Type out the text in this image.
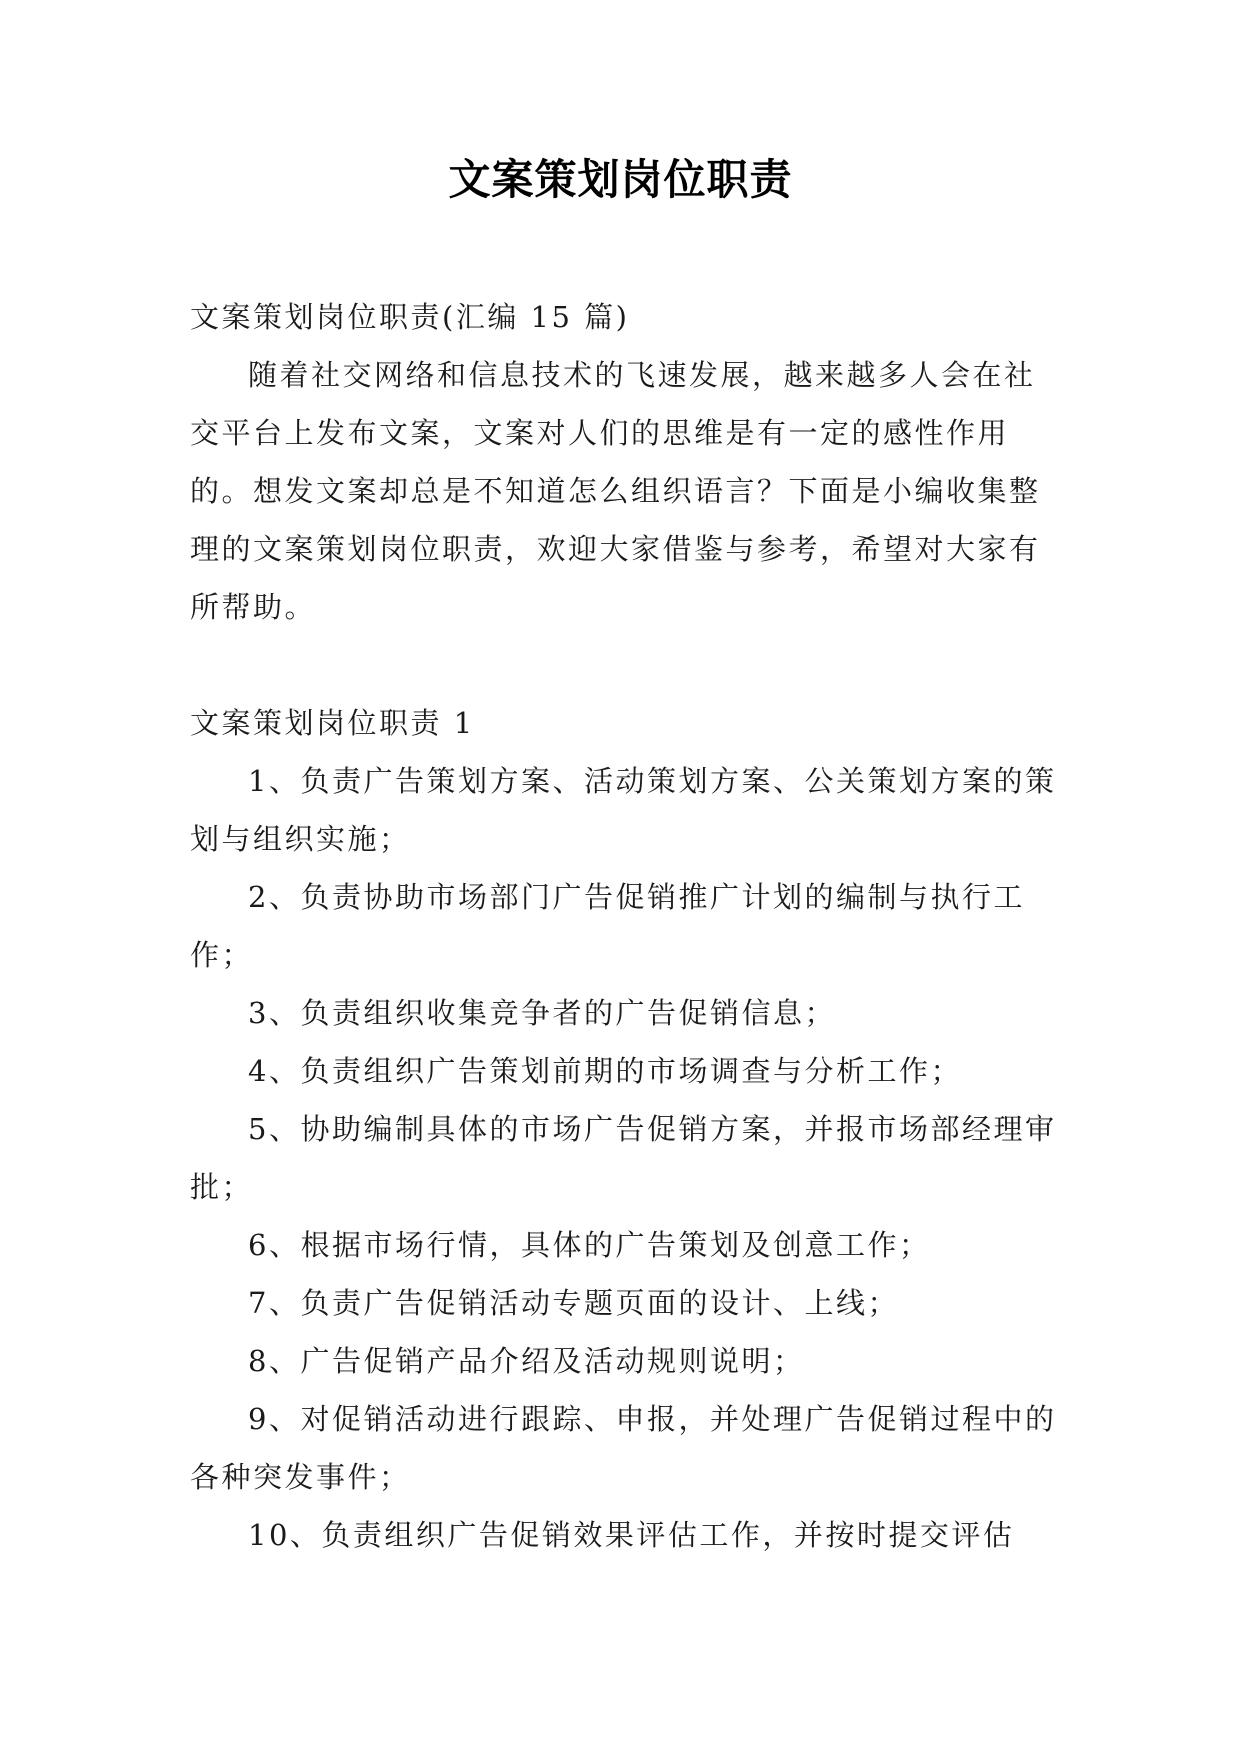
文案策划岗位职责

文案策划岗位职责(汇编 15 篇)

随着社交网络和信息技术的飞速发展，越来越多人会在社交平台上发布文案，文案对人们的思维是有一定的感性作用的。想发文案却总是不知道怎么组织语言？下面是小编收集整理的文案策划岗位职责，欢迎大家借鉴与参考，希望对大家有所帮助。

文案策划岗位职责 1

1、负责广告策划方案、活动策划方案、公关策划方案的策划与组织实施；

2、负责协助市场部门广告促销推广计划的编制与执行工作；

3、负责组织收集竞争者的广告促销信息；

4、负责组织广告策划前期的市场调查与分析工作；

5、协助编制具体的市场广告促销方案，并报市场部经理审批；

6、根据市场行情，具体的广告策划及创意工作；

7、负责广告促销活动专题页面的设计、上线；

8、广告促销产品介绍及活动规则说明；

9、对促销活动进行跟踪、申报，并处理广告促销过程中的各种突发事件；

10、负责组织广告促销效果评估工作，并按时提交评估
